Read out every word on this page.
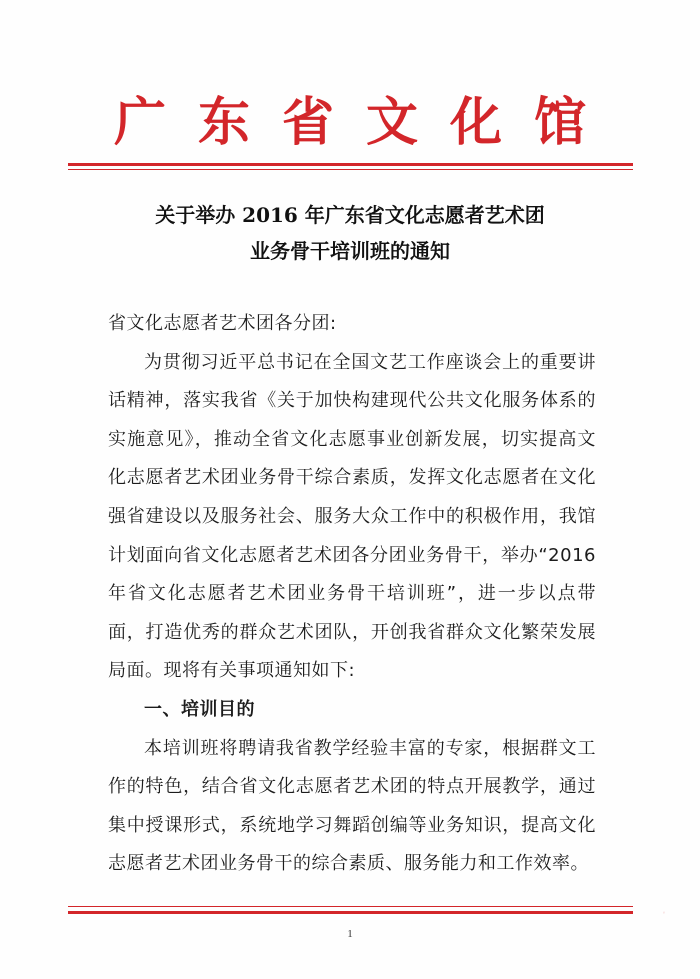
广东省文化馆
关于举办 2016 年广东省文化志愿者艺术团
业务骨干培训班的通知

省文化志愿者艺术团各分团:

为贯彻习近平总书记在全国文艺工作座谈会上的重要讲话精神，落实我省《关于加快构建现代公共文化服务体系的实施意见》，推动全省文化志愿事业创新发展，切实提高文化志愿者艺术团业务骨干综合素质，发挥文化志愿者在文化强省建设以及服务社会、服务大众工作中的积极作用，我馆计划面向省文化志愿者艺术团各分团业务骨干，举办“2016 年省文化志愿者艺术团业务骨干培训班”，进一步以点带面，打造优秀的群众艺术团队，开创我省群众文化繁荣发展局面。现将有关事项通知如下:

一、培训目的

本培训班将聘请我省教学经验丰富的专家，根据群文工作的特色，结合省文化志愿者艺术团的特点开展教学，通过集中授课形式，系统地学习舞蹈创编等业务知识，提高文化志愿者艺术团业务骨干的综合素质、服务能力和工作效率。

· · · · ·
1
